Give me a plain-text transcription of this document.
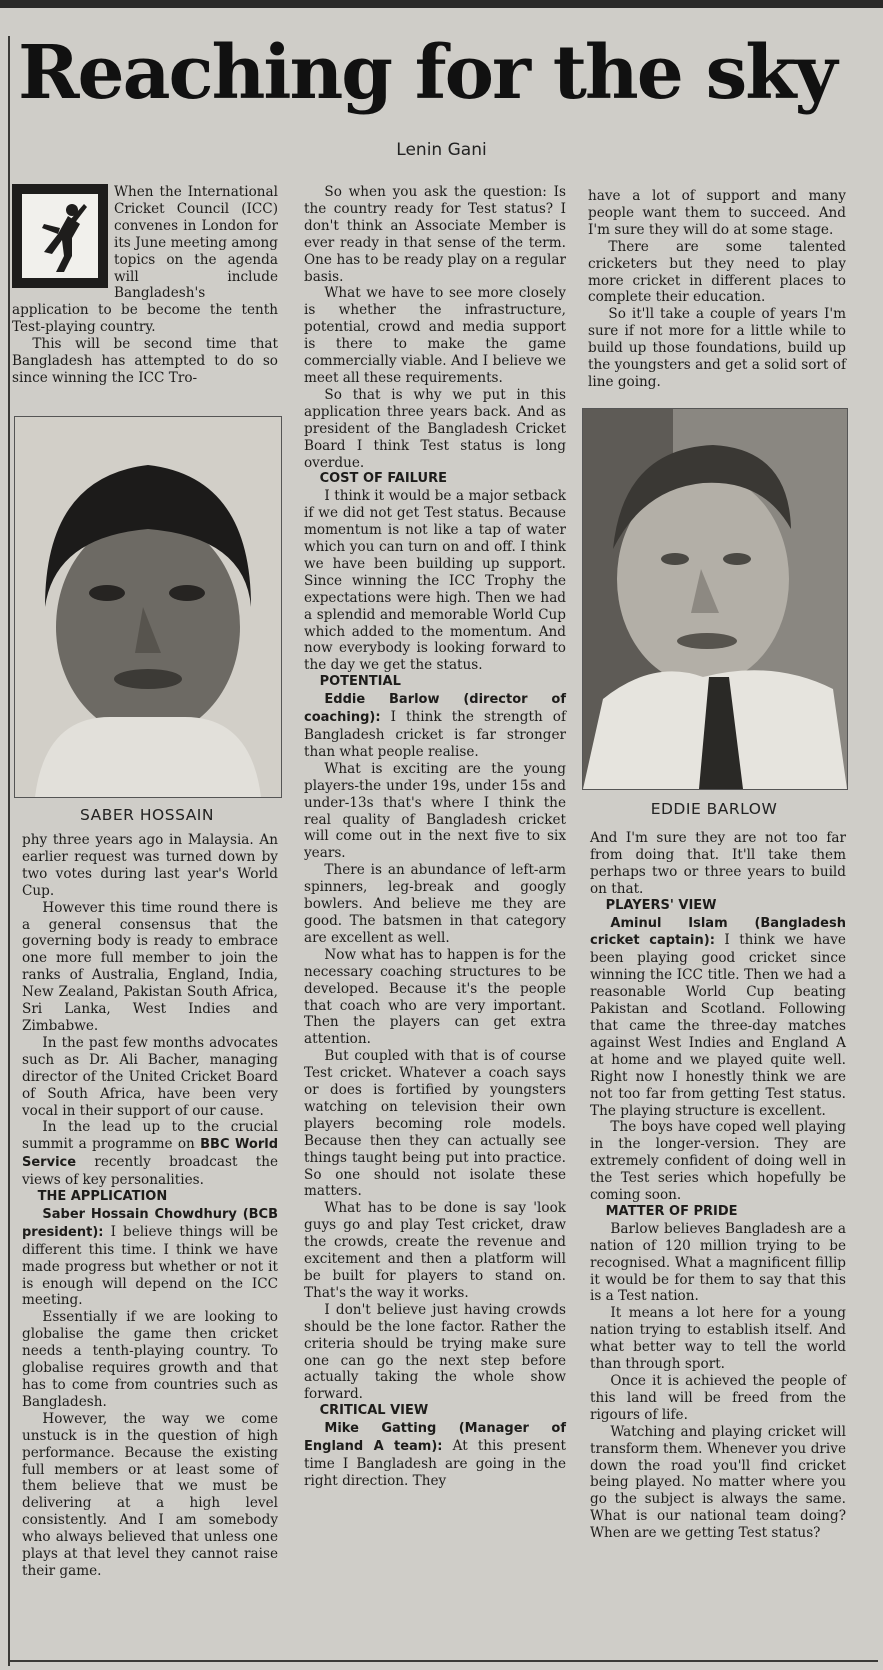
Reaching for the sky
Lenin Gani

When the International Cricket Council (ICC) convenes in London for its June meeting among topics on the agenda will include Bangladesh's application to be become the tenth Test-playing country.

This will be second time that Bangladesh has attempted to do so since winning the ICC Tro-

SABER HOSSAIN

phy three years ago in Malaysia. An earlier request was turned down by two votes during last year's World Cup.

However this time round there is a general consensus that the governing body is ready to embrace one more full member to join the ranks of Australia, England, India, New Zealand, Pakistan South Africa, Sri Lanka, West Indies and Zimbabwe.

In the past few months advocates such as Dr. Ali Bacher, managing director of the United Cricket Board of South Africa, have been very vocal in their support of our cause.

In the lead up to the crucial summit a programme on BBC World Service recently broadcast the views of key personalities.

THE APPLICATION

Saber Hossain Chowdhury (BCB president): I believe things will be different this time. I think we have made progress but whether or not it is enough will depend on the ICC meeting.

Essentially if we are looking to globalise the game then cricket needs a tenth-playing country. To globalise requires growth and that has to come from countries such as Bangladesh.

However, the way we come unstuck is in the question of high performance. Because the existing full members or at least some of them believe that we must be delivering at a high level consistently. And I am somebody who always believed that unless one plays at that level they cannot raise their game.

So when you ask the question: Is the country ready for Test status? I don't think an Associate Member is ever ready in that sense of the term. One has to be ready play on a regular basis.

What we have to see more closely is whether the infrastructure, potential, crowd and media support is there to make the game commercially viable. And I believe we meet all these requirements.

So that is why we put in this application three years back. And as president of the Bangladesh Cricket Board I think Test status is long overdue.

COST OF FAILURE

I think it would be a major setback if we did not get Test status. Because momentum is not like a tap of water which you can turn on and off. I think we have been building up support. Since winning the ICC Trophy the expectations were high. Then we had a splendid and memorable World Cup which added to the momentum. And now everybody is looking forward to the day we get the status.

POTENTIAL

Eddie Barlow (director of coaching): I think the strength of Bangladesh cricket is far stronger than what people realise.

What is exciting are the young players-the under 19s, under 15s and under-13s that's where I think the real quality of Bangladesh cricket will come out in the next five to six years.

There is an abundance of left-arm spinners, leg-break and googly bowlers. And believe me they are good. The batsmen in that category are excellent as well.

Now what has to happen is for the necessary coaching structures to be developed. Because it's the people that coach who are very important. Then the players can get extra attention.

But coupled with that is of course Test cricket. Whatever a coach says or does is fortified by youngsters watching on television their own players becoming role models. Because then they can actually see things taught being put into practice. So one should not isolate these matters.

What has to be done is say 'look guys go and play Test cricket, draw the crowds, create the revenue and excitement and then a platform will be built for players to stand on. That's the way it works.

I don't believe just having crowds should be the lone factor. Rather the criteria should be trying make sure one can go the next step before actually taking the whole show forward.

CRITICAL VIEW

Mike Gatting (Manager of England A team): At this present time I Bangladesh are going in the right direction. They

have a lot of support and many people want them to succeed. And I'm sure they will do at some stage.

There are some talented cricketers but they need to play more cricket in different places to complete their education.

So it'll take a couple of years I'm sure if not more for a little while to build up those foundations, build up the youngsters and get a solid sort of line going.

EDDIE BARLOW

And I'm sure they are not too far from doing that. It'll take them perhaps two or three years to build on that.

PLAYERS' VIEW

Aminul Islam (Bangladesh cricket captain): I think we have been playing good cricket since winning the ICC title. Then we had a reasonable World Cup beating Pakistan and Scotland. Following that came the three-day matches against West Indies and England A at home and we played quite well. Right now I honestly think we are not too far from getting Test status. The playing structure is excellent.

The boys have coped well playing in the longer-version. They are extremely confident of doing well in the Test series which hopefully be coming soon.

MATTER OF PRIDE

Barlow believes Bangladesh are a nation of 120 million trying to be recognised. What a magnificent fillip it would be for them to say that this is a Test nation.

It means a lot here for a young nation trying to establish itself. And what better way to tell the world than through sport.

Once it is achieved the people of this land will be freed from the rigours of life.

Watching and playing cricket will transform them. Whenever you drive down the road you'll find cricket being played. No matter where you go the subject is always the same. What is our national team doing? When are we getting Test status?
